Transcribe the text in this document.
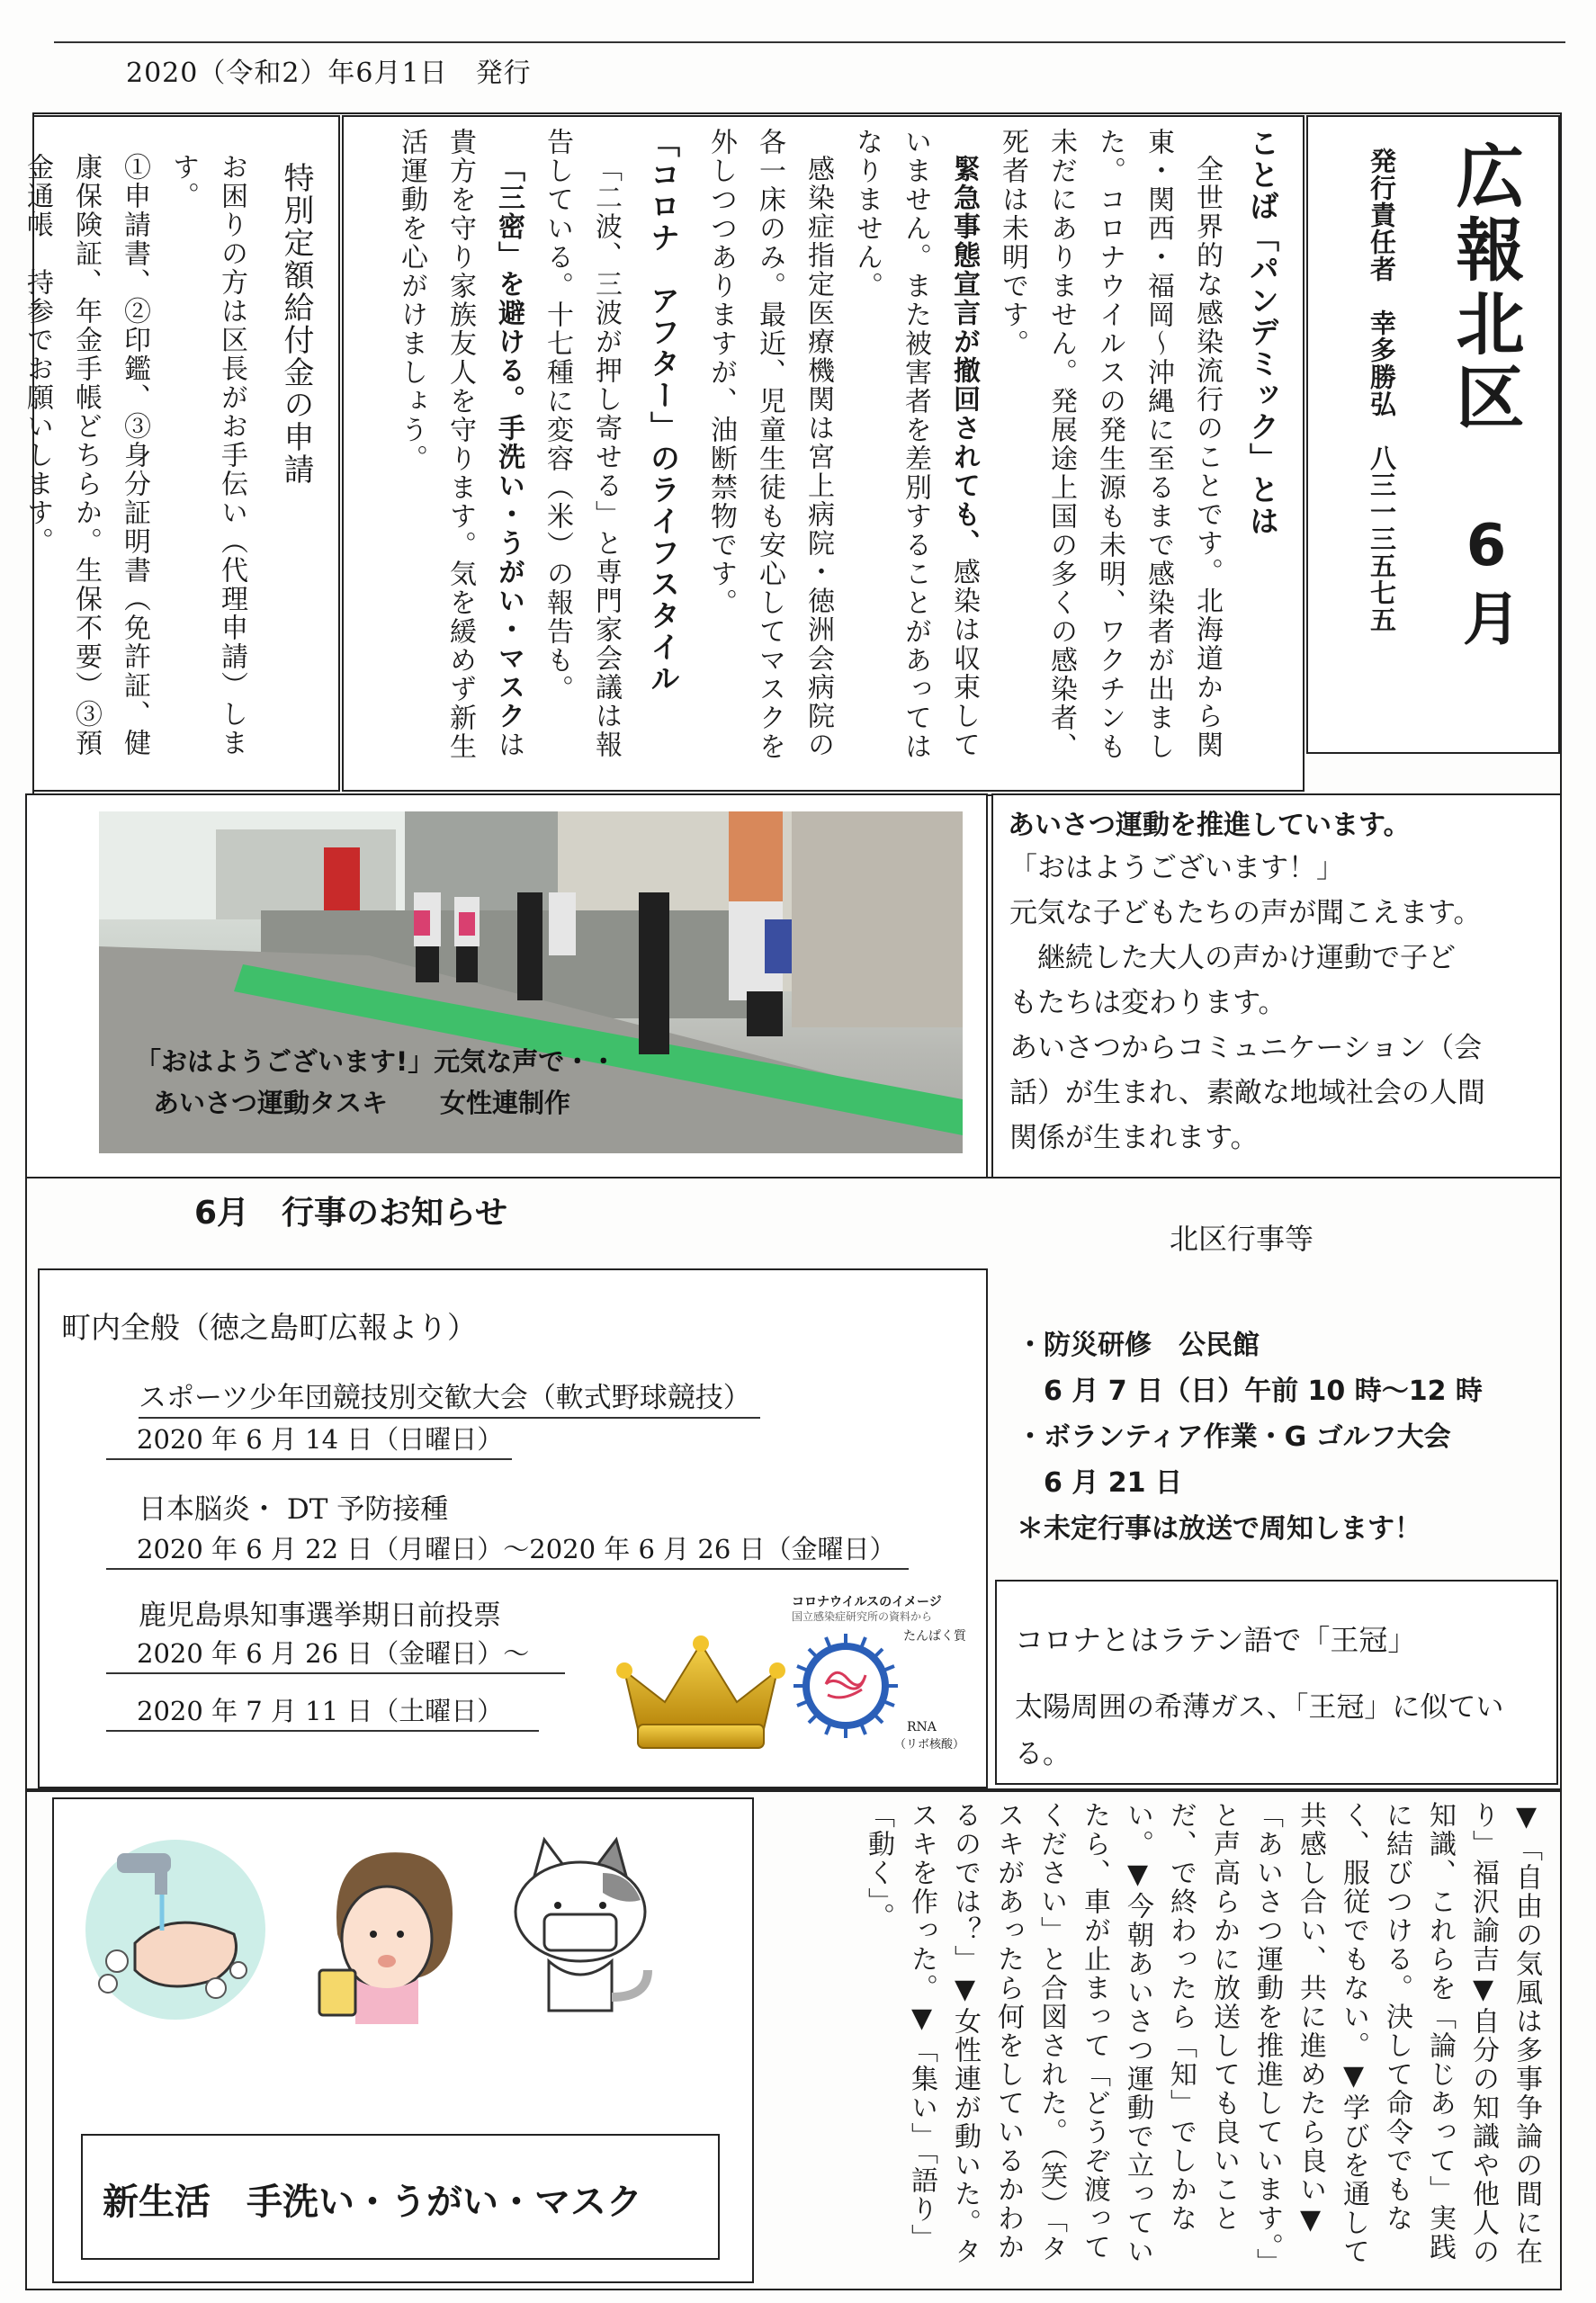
2020（令和2）年6月1日　発行
広報北区
6月
発行責任者　幸多勝弘　八三一三五七五

ことば「パンデミック」とは

全世界的な感染流行のことです。北海道から関東・関西・福岡～沖縄に至るまで感染者が出ました。コロナウイルスの発生源も未明、ワクチンも未だにありません。発展途上国の多くの感染者、死者は未明です。

緊急事態宣言が撤回されても、感染は収束していません。また被害者を差別することがあってはなりません。

感染症指定医療機関は宮上病院・徳洲会病院の各一床のみ。最近、児童生徒も安心してマスクを外しつつありますが、油断禁物です。

「コロナ　アフター」のライフスタイル

「二波、三波が押し寄せる」と専門家会議は報告している。十七種に変容（米）の報告も。

「三密」を避ける。手洗い・うがい・マスクは貴方を守り家族友人を守ります。気を緩めず新生活運動を心がけましょう。

特別定額給付金の申請

お困りの方は区長がお手伝い（代理申請）します。

①申請書、②印鑑、③身分証明書（免許証、健康保険証、年金手帳どちらか。生保不要）③預金通帳　持参でお願いします。

「おはようございます!」元気な声で・・
あいさつ運動タスキ　　女性連制作
あいさつ運動を推進しています。
「おはようございます！」
元気な子どもたちの声が聞こえます。
　継続した大人の声かけ運動で子ど
もたちは変わります。
あいさつからコミュニケーション（会
話）が生まれ、素敵な地域社会の人間
関係が生まれます。
6月　行事のお知らせ
町内全般（徳之島町広報より）
スポーツ少年団競技別交歓大会（軟式野球競技）
2020 年 6 月 14 日（日曜日）
日本脳炎・ DT 予防接種
2020 年 6 月 22 日（月曜日）～2020 年 6 月 26 日（金曜日）
鹿児島県知事選挙期日前投票
2020 年 6 月 26 日（金曜日）～
2020 年 7 月 11 日（土曜日）
コロナウイルスのイメージ
国立感染症研究所の資料から
たんぱく質
RNA
（リボ核酸）
北区行事等
・防災研修　公民館
　6 月 7 日（日）午前 10 時～12 時
・ボランティア作業・G ゴルフ大会
　6 月 21 日
＊未定行事は放送で周知します！
コロナとはラテン語で「王冠」
太陽周囲の希薄ガス、「王冠」に似ている。
新生活　手洗い・うがい・マスク	▼「自由の気風は多事争論の間に在り」福沢諭吉▼自分の知識や他人の知識、これらを「論じあって」実践に結びつける。決して命令でもなく、服従でもない。▼学びを通して共感し合い、共に進めたら良い▼「あいさつ運動を推進しています。」と声高らかに放送しても良いことだ、で終わったら「知」でしかない。▼今朝あいさつ運動で立っていたら、車が止まって「どうぞ渡ってください」と合図された。（笑）「タスキがあったら何をしているかわかるのでは？」▼女性連が動いた。タスキを作った。▼「集い」「語り」「動く」。
